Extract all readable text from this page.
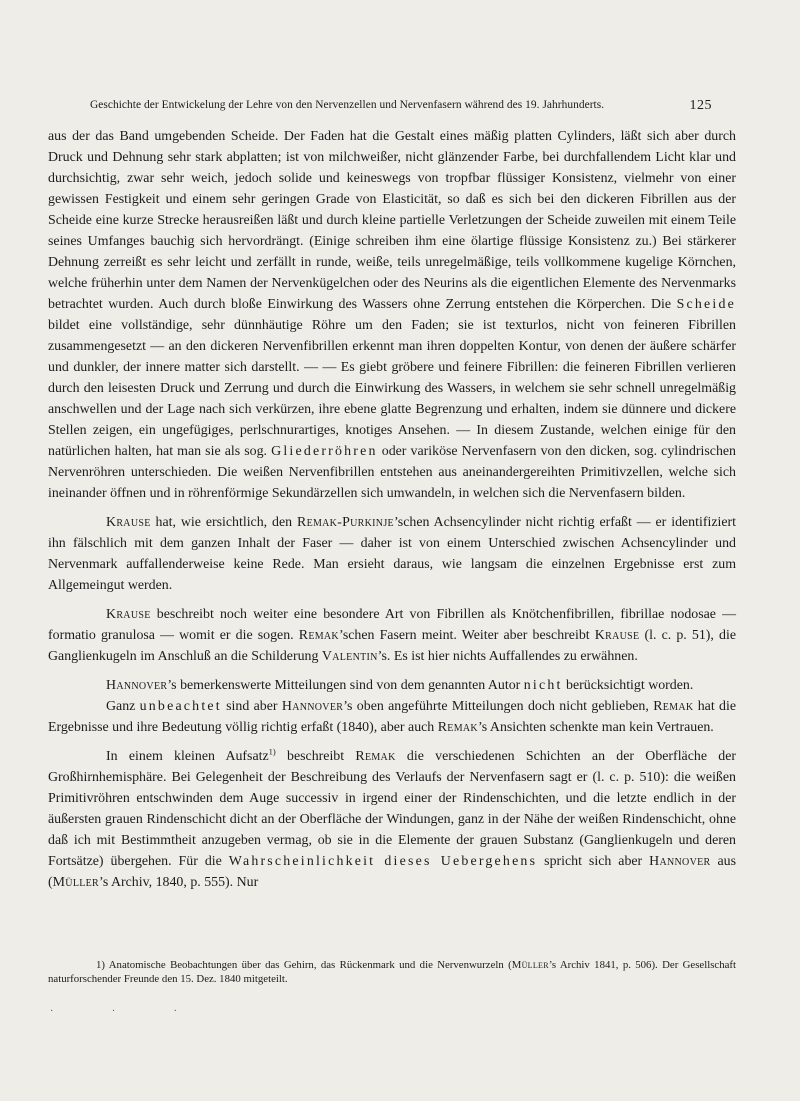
Geschichte der Entwickelung der Lehre von den Nervenzellen und Nervenfasern während des 19. Jahrhunderts.	125

aus der das Band umgebenden Scheide. Der Faden hat die Gestalt eines mäßig platten Cylinders, läßt sich aber durch Druck und Dehnung sehr stark abplatten; ist von milchweißer, nicht glänzender Farbe, bei durchfallendem Licht klar und durchsichtig, zwar sehr weich, jedoch solide und keineswegs von tropfbar flüssiger Konsistenz, vielmehr von einer gewissen Festigkeit und einem sehr geringen Grade von Elasticität, so daß es sich bei den dickeren Fibrillen aus der Scheide eine kurze Strecke herausreißen läßt und durch kleine partielle Verletzungen der Scheide zuweilen mit einem Teile seines Umfanges bauchig sich hervordrängt. (Einige schreiben ihm eine ölartige flüssige Konsistenz zu.) Bei stärkerer Dehnung zerreißt es sehr leicht und zerfällt in runde, weiße, teils unregelmäßige, teils vollkommene kugelige Körnchen, welche früherhin unter dem Namen der Nervenkügelchen oder des Neurins als die eigentlichen Elemente des Nervenmarks betrachtet wurden. Auch durch bloße Einwirkung des Wassers ohne Zerrung entstehen die Körperchen. Die Scheide bildet eine vollständige, sehr dünnhäutige Röhre um den Faden; sie ist texturlos, nicht von feineren Fibrillen zusammengesetzt — an den dickeren Nervenfibrillen erkennt man ihren doppelten Kontur, von denen der äußere schärfer und dunkler, der innere matter sich darstellt. — — Es giebt gröbere und feinere Fibrillen: die feineren Fibrillen verlieren durch den leisesten Druck und Zerrung und durch die Einwirkung des Wassers, in welchem sie sehr schnell unregelmäßig anschwellen und der Lage nach sich verkürzen, ihre ebene glatte Begrenzung und erhalten, indem sie dünnere und dickere Stellen zeigen, ein ungefügiges, perlschnurartiges, knotiges Ansehen. — In diesem Zustande, welchen einige für den natürlichen halten, hat man sie als sog. Gliederröhren oder variköse Nervenfasern von den dicken, sog. cylindrischen Nervenröhren unterschieden. Die weißen Nervenfibrillen entstehen aus aneinandergereihten Primitivzellen, welche sich ineinander öffnen und in röhrenförmige Sekundärzellen sich umwandeln, in welchen sich die Nervenfasern bilden.

Krause hat, wie ersichtlich, den Remak-Purkinje’schen Achsencylinder nicht richtig erfaßt — er identifiziert ihn fälschlich mit dem ganzen Inhalt der Faser — daher ist von einem Unterschied zwischen Achsencylinder und Nervenmark auffallenderweise keine Rede. Man ersieht daraus, wie langsam die einzelnen Ergebnisse erst zum Allgemeingut werden.

Krause beschreibt noch weiter eine besondere Art von Fibrillen als Knötchenfibrillen, fibrillae nodosae — formatio granulosa — womit er die sogen. Remak’schen Fasern meint. Weiter aber beschreibt Krause (l. c. p. 51), die Ganglienkugeln im Anschluß an die Schilderung Valentin’s. Es ist hier nichts Auffallendes zu erwähnen.

Hannover’s bemerkenswerte Mitteilungen sind von dem genannten Autor nicht berücksichtigt worden.

Ganz unbeachtet sind aber Hannover’s oben angeführte Mitteilungen doch nicht geblieben, Remak hat die Ergebnisse und ihre Bedeutung völlig richtig erfaßt (1840), aber auch Remak’s Ansichten schenkte man kein Vertrauen.

In einem kleinen Aufsatz$^{1)}$ beschreibt Remak die verschiedenen Schichten an der Oberfläche der Großhirnhemisphäre. Bei Gelegenheit der Beschreibung des Verlaufs der Nervenfasern sagt er (l. c. p. 510): die weißen Primitivröhren entschwinden dem Auge successiv in irgend einer der Rindenschichten, und die letzte endlich in der äußersten grauen Rindenschicht dicht an der Oberfläche der Windungen, ganz in der Nähe der weißen Rindenschicht, ohne daß ich mit Bestimmtheit anzugeben vermag, ob sie in die Elemente der grauen Substanz (Ganglienkugeln und deren Fortsätze) übergehen. Für die Wahrscheinlichkeit dieses Uebergehens spricht sich aber Hannover aus (Müller’s Archiv, 1840, p. 555). Nur

1) Anatomische Beobachtungen über das Gehirn, das Rückenmark und die Nervenwurzeln (Müller’s Archiv 1841, p. 506). Der Gesellschaft naturforschender Freunde den 15. Dez. 1840 mitgeteilt.
· · ·
